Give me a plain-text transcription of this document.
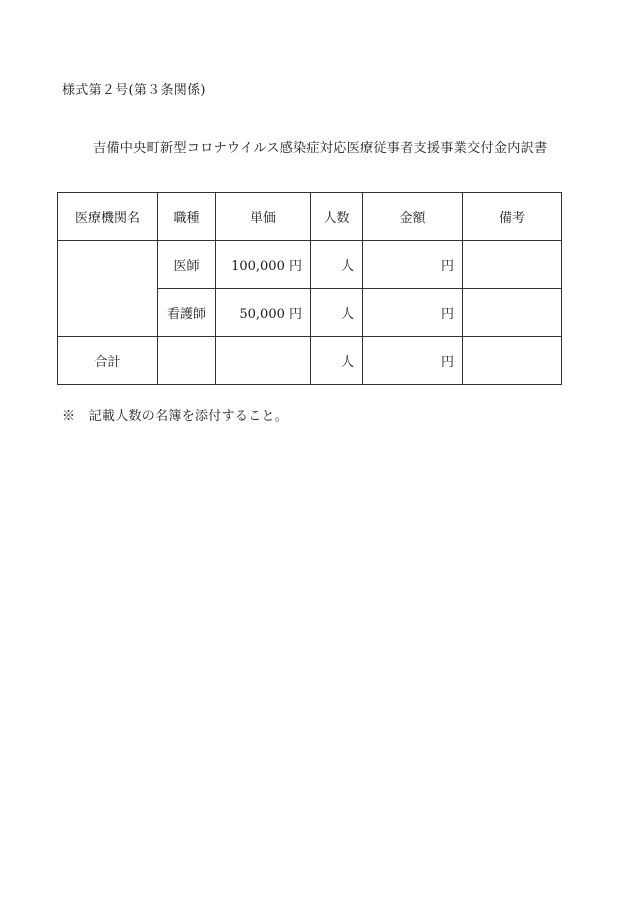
様式第２号(第３条関係)
吉備中央町新型コロナウイルス感染症対応医療従事者支援事業交付金内訳書
医療機関名	職種	単価	人数	金額	備考
	医師	100,000 円	人	円	
	看護師	50,000 円	人	円	
合計			人	円	
※　記載人数の名簿を添付すること。
